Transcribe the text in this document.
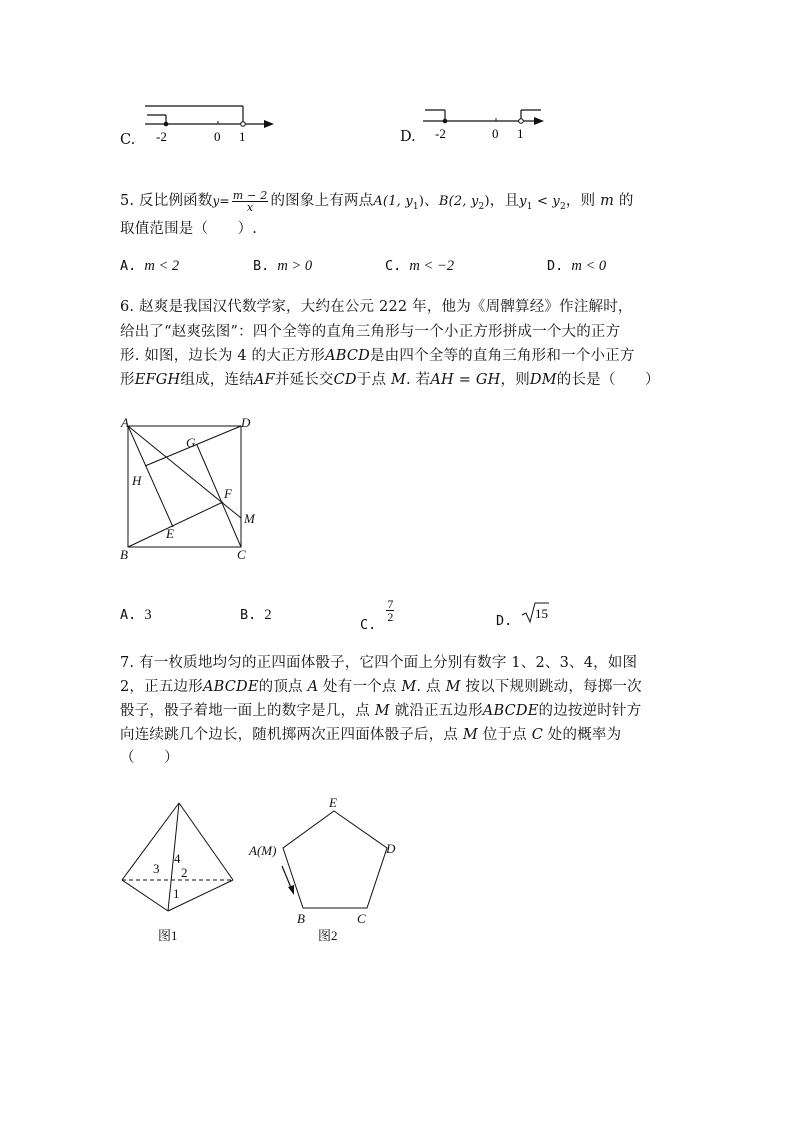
C. -2	0 1	D. -2	0 1
5. 反比例函数$y= \frac{m - 2}{x}$ 的图象上有两点A(1, $y_1$)、B(2, $y_2$)，且$y_1 < y_2$，则 m 的
取值范围是（　　）.
A. m < 2	B. m > 0	C. m < −2	D. m < 0
6. 赵爽是我国汉代数学家，大约在公元 222 年，他为《周髀算经》作注解时，
给出了“赵爽弦图”：四个全等的直角三角形与一个小正方形拼成一个大的正方
形. 如图，边长为 4 的大正方形ABCD是由四个全等的直角三角形和一个小正方
形EFGH组成，连结AF并延长交CD于点 M. 若AH = GH，则DM的长是（　　）
A	D
B	C
G
H
F
E
M
A. 3	B. 2
C.
$\frac{7}{2}$	D. 15
7. 有一枚质地均匀的正四面体骰子，它四个面上分别有数字 1、2、3、4，如图
2，正五边形ABCDE的顶点 A 处有一个点 M. 点 M 按以下规则跳动，每掷一次
骰子，骰子着地一面上的数字是几，点 M 就沿正五边形ABCDE的边按逆时针方
向连续跳几个边长，随机掷两次正四面体骰子后，点 M 位于点 C 处的概率为
（　　）
3
4
2
1
图1
E
D
A(M)
B	C
图2
